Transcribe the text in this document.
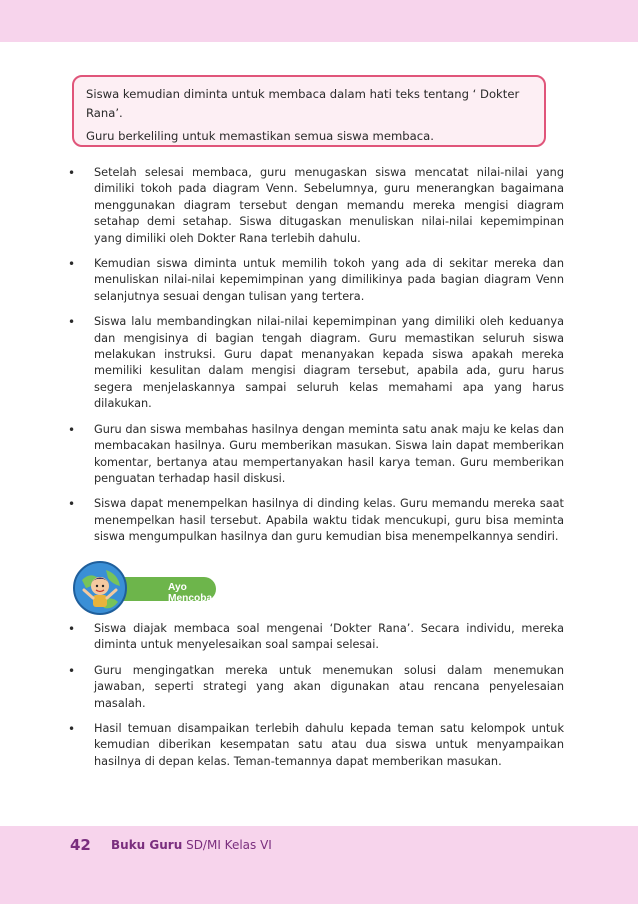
Siswa kemudian diminta untuk membaca dalam hati teks tentang ‘ Dokter Rana’.

Guru berkeliling untuk memastikan semua siswa membaca.

• Setelah selesai membaca, guru menugaskan siswa mencatat nilai-nilai yang dimiliki tokoh pada diagram Venn. Sebelumnya, guru menerangkan bagaimana menggunakan diagram tersebut dengan memandu mereka mengisi diagram setahap demi setahap. Siswa ditugaskan menuliskan nilai-nilai kepemimpinan yang dimiliki oleh Dokter Rana terlebih dahulu.
• Kemudian siswa diminta untuk memilih tokoh yang ada di sekitar mereka dan menuliskan nilai-nilai kepemimpinan yang dimilikinya pada bagian diagram Venn selanjutnya sesuai dengan tulisan yang tertera.
• Siswa lalu membandingkan nilai-nilai kepemimpinan yang dimiliki oleh keduanya dan mengisinya di bagian tengah diagram. Guru memastikan seluruh siswa melakukan instruksi. Guru dapat menanyakan kepada siswa apakah mereka memiliki kesulitan dalam mengisi diagram tersebut, apabila ada, guru harus segera menjelaskannya sampai seluruh kelas memahami apa yang harus dilakukan.
• Guru dan siswa membahas hasilnya dengan meminta satu anak maju ke kelas dan membacakan hasilnya. Guru memberikan masukan. Siswa lain dapat memberikan komentar, bertanya atau mempertanyakan hasil karya teman. Guru memberikan penguatan terhadap hasil diskusi.
• Siswa dapat menempelkan hasilnya di dinding kelas. Guru memandu mereka saat menempelkan hasil tersebut. Apabila waktu tidak mencukupi, guru bisa meminta siswa mengumpulkan hasilnya dan guru kemudian bisa menempelkannya sendiri.
Ayo Mencoba
• Siswa diajak membaca soal mengenai ‘Dokter Rana’. Secara individu, mereka diminta untuk menyelesaikan soal sampai selesai.
• Guru mengingatkan mereka untuk menemukan solusi dalam menemukan jawaban, seperti strategi yang akan digunakan atau rencana penyelesaian masalah.
• Hasil temuan disampaikan terlebih dahulu kepada teman satu kelompok untuk kemudian diberikan kesempatan satu atau dua siswa untuk menyampaikan hasilnya di depan kelas. Teman-temannya dapat memberikan masukan.
42 Buku Guru SD/MI Kelas VI
